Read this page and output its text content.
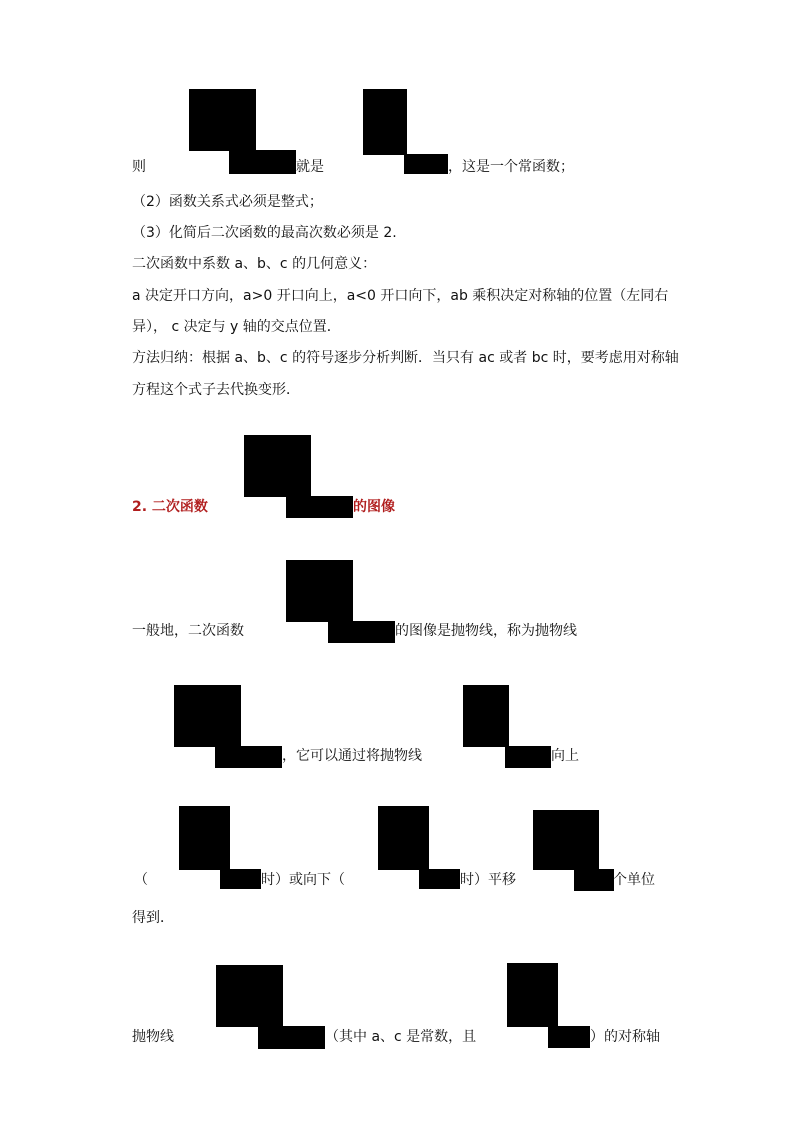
则	就是	，这是一个常函数；
（2）函数关系式必须是整式；
（3）化简后二次函数的最高次数必须是 2.
二次函数中系数 a、b、c 的几何意义：
a 决定开口方向，a>0 开口向上，a<0 开口向下，ab 乘积决定对称轴的位置（左同右
异）， c 决定与 y 轴的交点位置．
方法归纳：根据 a、b、c 的符号逐步分析判断．当只有 ac 或者 bc 时，要考虑用对称轴
方程这个式子去代换变形．
2. 二次函数	的图像
一般地，二次函数	的图像是抛物线，称为抛物线
，它可以通过将抛物线	向上
（	时）或向下（	时）平移	个单位
得到．
抛物线	（其中 a、c 是常数，且	）的对称轴
